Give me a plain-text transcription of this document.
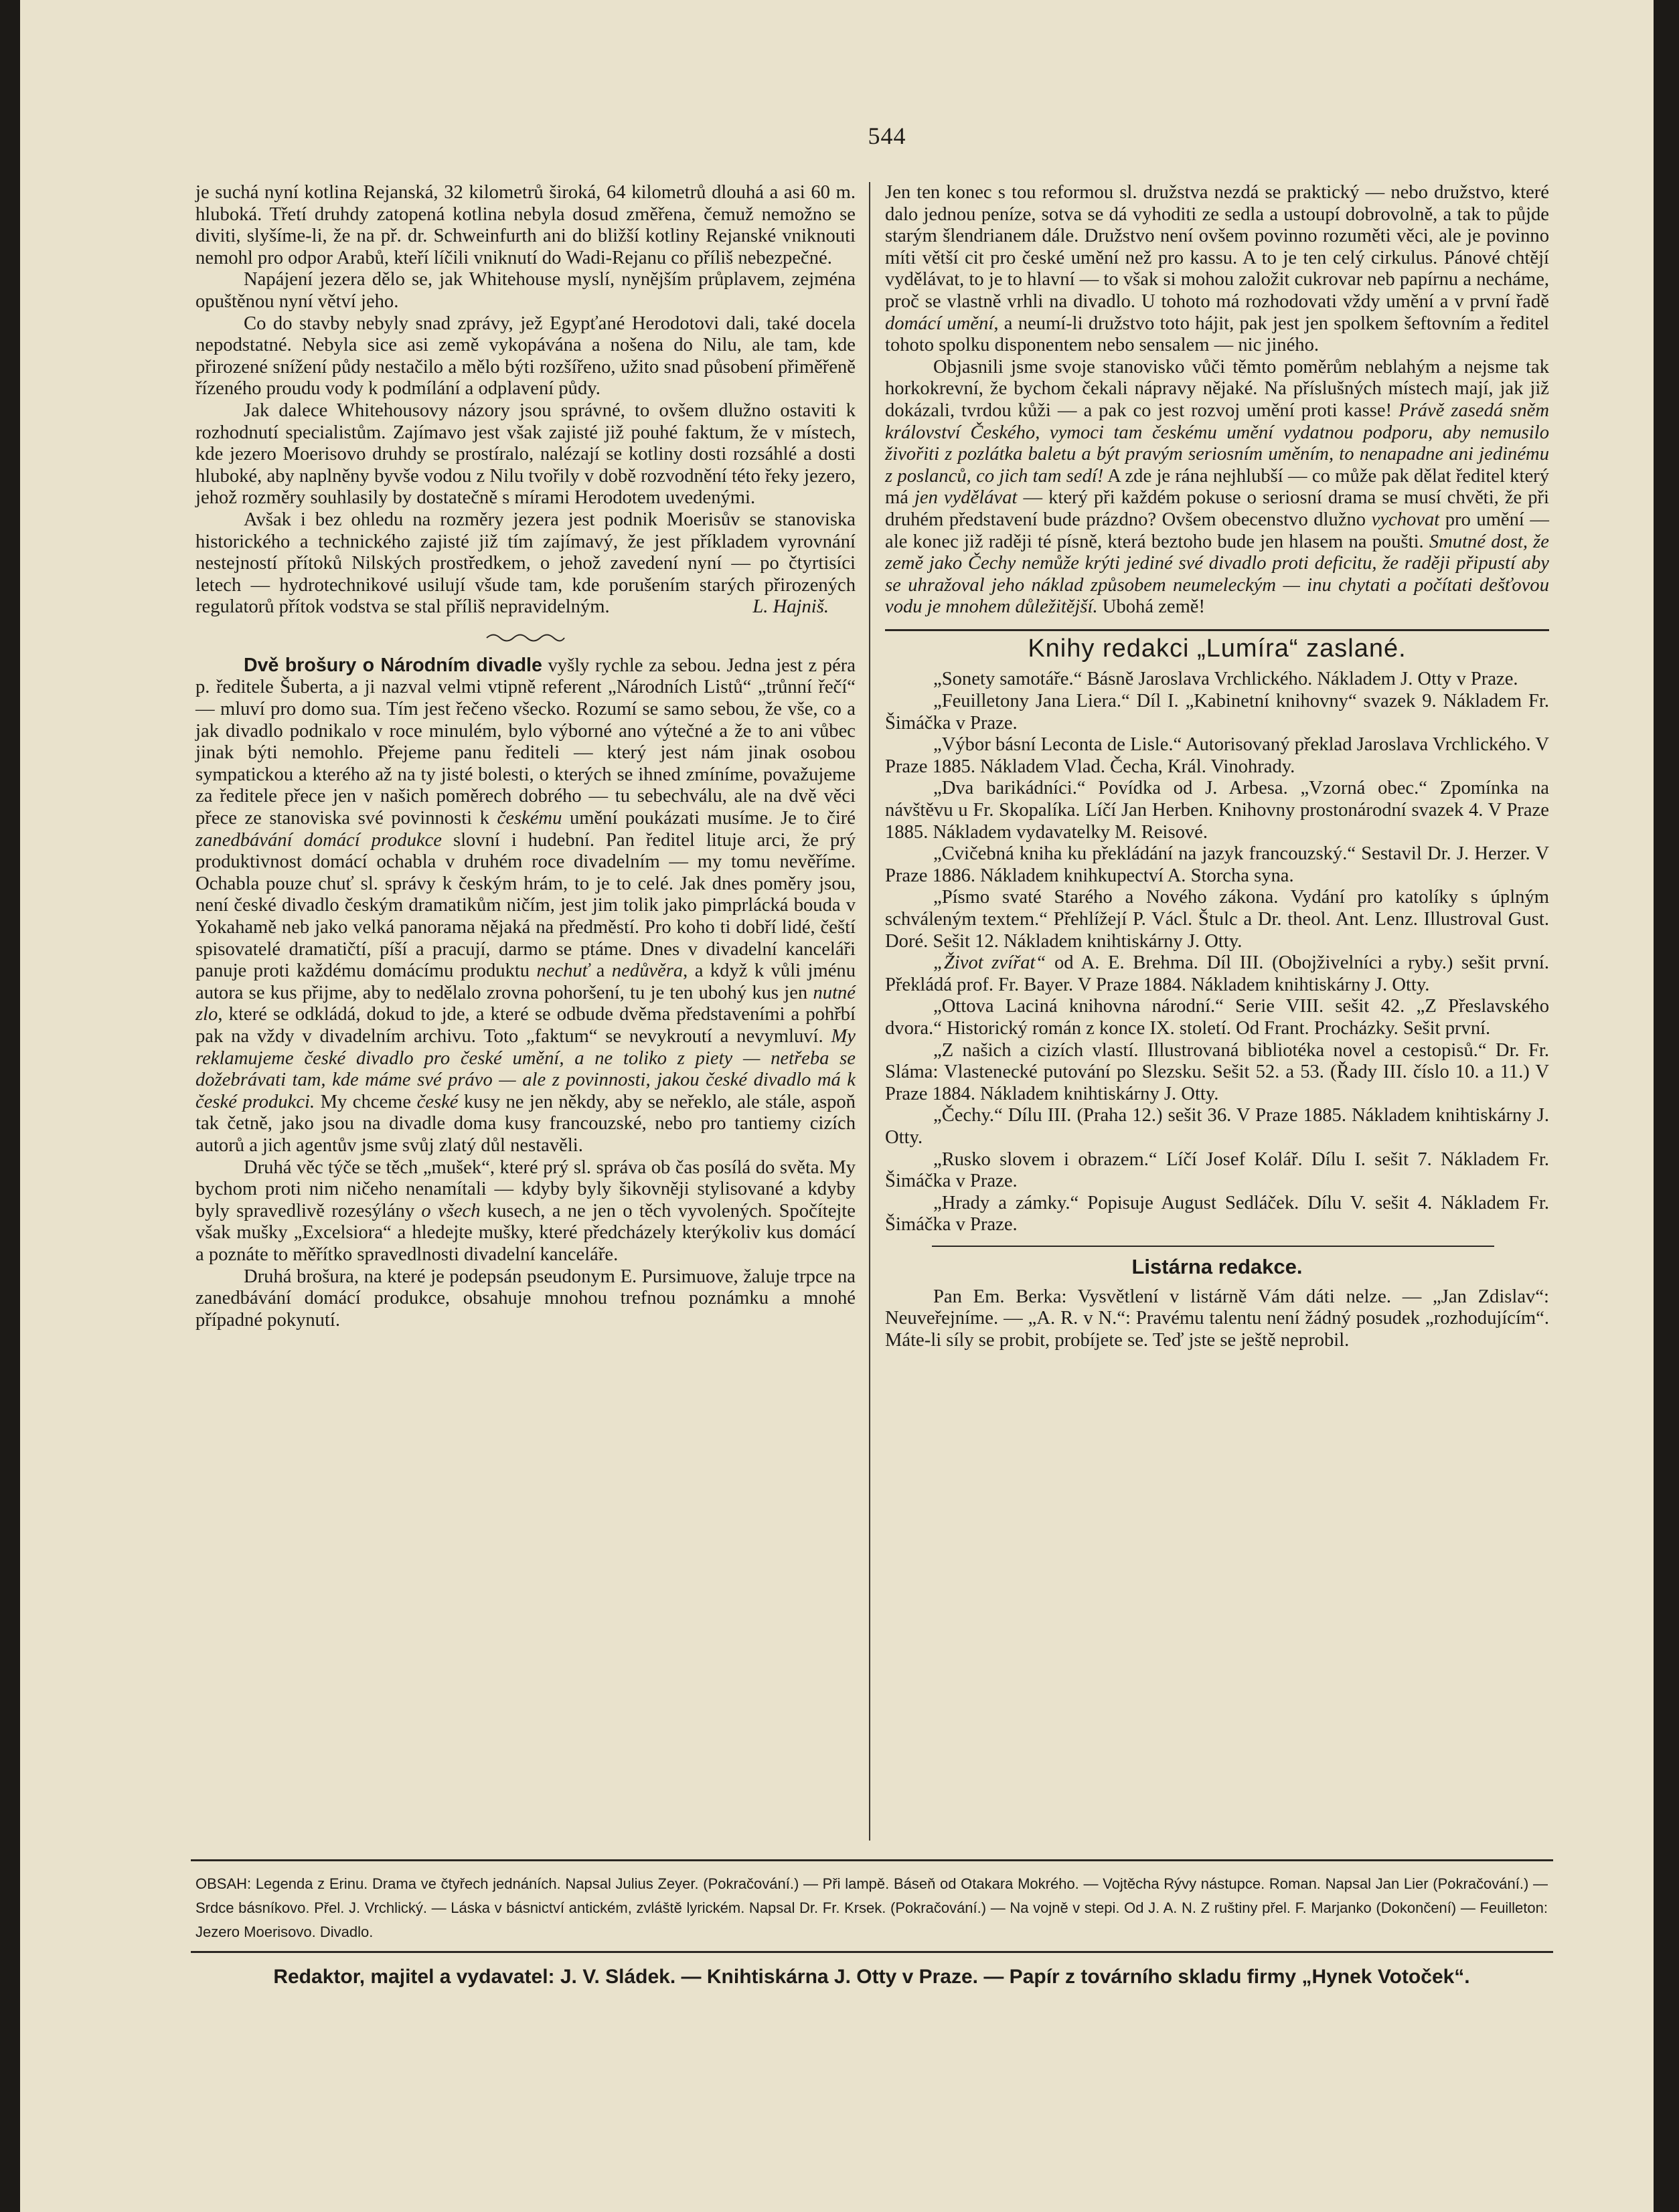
544

je suchá nyní kotlina Rejanská, 32 kilometrů široká, 64 kilometrů dlouhá a asi 60 m. hluboká. Třetí druhdy zatopená kotlina nebyla dosud změřena, čemuž nemožno se diviti, slyšíme-li, že na př. dr. Schweinfurth ani do bližší kotliny Rejanské vniknouti nemohl pro odpor Arabů, kteří líčili vniknutí do Wadi-Rejanu co příliš nebezpečné.

Napájení jezera dělo se, jak Whitehouse myslí, nynějším průplavem, zejména opuštěnou nyní větví jeho.

Co do stavby nebyly snad zprávy, jež Egypťané Herodotovi dali, také docela nepodstatné. Nebyla sice asi země vykopávána a nošena do Nilu, ale tam, kde přirozené snížení půdy nestačilo a mělo býti rozšířeno, užito snad působení přiměřeně řízeného proudu vody k podmílání a odplavení půdy.

Jak dalece Whitehousovy názory jsou správné, to ovšem dlužno ostaviti k rozhodnutí specialistům. Zajímavo jest však zajisté již pouhé faktum, že v místech, kde jezero Moerisovo druhdy se prostíralo, nalézají se kotliny dosti rozsáhlé a dosti hluboké, aby naplněny byvše vodou z Nilu tvořily v době rozvodnění této řeky jezero, jehož rozměry souhlasily by dostatečně s mírami Herodotem uvedenými.

Avšak i bez ohledu na rozměry jezera jest podnik Moerisův se stanoviska historického a technického zajisté již tím zajímavý, že jest příkladem vyrovnání nestejností přítoků Nilských prostředkem, o jehož zavedení nyní — po čtyrtisíci letech — hydrotechnikové usilují všude tam, kde porušením starých přirozených regulatorů přítok vodstva se stal příliš nepravidelným.	L. Hajniš.

Dvě brošury o Národním divadle vyšly rychle za sebou. Jedna jest z péra p. ředitele Šuberta, a ji nazval velmi vtipně referent „Národních Listů“ „trůnní řečí“ — mluví pro domo sua. Tím jest řečeno všecko. Rozumí se samo sebou, že vše, co a jak divadlo podnikalo v roce minulém, bylo výborné ano výtečné a že to ani vůbec jinak býti nemohlo. Přejeme panu řediteli — který jest nám jinak osobou sympatickou a kterého až na ty jisté bolesti, o kterých se ihned zmíníme, považujeme za ředitele přece jen v našich poměrech dobrého — tu sebechválu, ale na dvě věci přece ze stanoviska své povinnosti k českému umění poukázati musíme. Je to čiré zanedbávání domácí produkce slovní i hudební. Pan ředitel lituje arci, že prý produktivnost domácí ochabla v druhém roce divadelním — my tomu nevěříme. Ochabla pouze chuť sl. správy k českým hrám, to je to celé. Jak dnes poměry jsou, není české divadlo českým dramatikům ničím, jest jim tolik jako pimprlácká bouda v Yokahamě neb jako velká panorama nějaká na předměstí. Pro koho ti dobří lidé, čeští spisovatelé dramatičtí, píší a pracují, darmo se ptáme. Dnes v divadelní kanceláři panuje proti každému domácímu produktu nechuť a nedůvěra, a když k vůli jménu autora se kus přijme, aby to nedělalo zrovna pohoršení, tu je ten ubohý kus jen nutné zlo, které se odkládá, dokud to jde, a které se odbude dvěma představeními a pohřbí pak na vždy v divadelním archivu. Toto „faktum“ se nevykroutí a nevymluví. My reklamujeme české divadlo pro české umění, a ne toliko z piety — netřeba se dožebrávati tam, kde máme své právo — ale z povinnosti, jakou české divadlo má k české produkci. My chceme české kusy ne jen někdy, aby se neřeklo, ale stále, aspoň tak četně, jako jsou na divadle doma kusy francouzské, nebo pro tantiemy cizích autorů a jich agentův jsme svůj zlatý důl nestavěli.

Druhá věc týče se těch „mušek“, které prý sl. správa ob čas posílá do světa. My bychom proti nim ničeho nenamítali — kdyby byly šikovněji stylisované a kdyby byly spravedlivě rozesýlány o všech kusech, a ne jen o těch vyvolených. Spočítejte však mušky „Excelsiora“ a hledejte mušky, které předcházely kterýkoliv kus domácí a poznáte to měřítko spravedlnosti divadelní kanceláře.

Druhá brošura, na které je podepsán pseudonym E. Pursimuove, žaluje trpce na zanedbávání domácí produkce, obsahuje mnohou trefnou poznámku a mnohé případné pokynutí.

Jen ten konec s tou reformou sl. družstva nezdá se praktický — nebo družstvo, které dalo jednou peníze, sotva se dá vyhoditi ze sedla a ustoupí dobrovolně, a tak to půjde starým šlendrianem dále. Družstvo není ovšem povinno rozuměti věci, ale je povinno míti větší cit pro české umění než pro kassu. A to je ten celý cirkulus. Pánové chtějí vydělávat, to je to hlavní — to však si mohou založit cukrovar neb papírnu a necháme, proč se vlastně vrhli na divadlo. U tohoto má rozhodovati vždy umění a v první řadě domácí umění, a neumí-li družstvo toto hájit, pak jest jen spolkem šeftovním a ředitel tohoto spolku disponentem nebo sensalem — nic jiného.

Objasnili jsme svoje stanovisko vůči těmto poměrům neblahým a nejsme tak horkokrevní, že bychom čekali nápravy nějaké. Na příslušných místech mají, jak již dokázali, tvrdou kůži — a pak co jest rozvoj umění proti kasse! Právě zasedá sněm království Českého, vymoci tam českému umění vydatnou podporu, aby nemusilo živořiti z pozlátka baletu a být pravým seriosním uměním, to nenapadne ani jedinému z poslanců, co jich tam sedí! A zde je rána nejhlubší — co může pak dělat ředitel který má jen vydělávat — který při každém pokuse o seriosní drama se musí chvěti, že při druhém představení bude prázdno? Ovšem obecenstvo dlužno vychovat pro umění — ale konec již raději té písně, která beztoho bude jen hlasem na poušti. Smutné dost, že země jako Čechy nemůže krýti jediné své divadlo proti deficitu, že raději připustí aby se uhražoval jeho náklad způsobem neumeleckým — inu chytati a počítati dešťovou vodu je mnohem důležitější. Ubohá země!

Knihy redakci „Lumíra“ zaslané.

„Sonety samotáře.“ Básně Jaroslava Vrchlického. Nákladem J. Otty v Praze.

„Feuilletony Jana Liera.“ Díl I. „Kabinetní knihovny“ svazek 9. Nákladem Fr. Šimáčka v Praze.

„Výbor básní Leconta de Lisle.“ Autorisovaný překlad Jaroslava Vrchlického. V Praze 1885. Nákladem Vlad. Čecha, Král. Vinohrady.

„Dva barikádníci.“ Povídka od J. Arbesa. „Vzorná obec.“ Zpomínka na návštěvu u Fr. Skopalíka. Líčí Jan Herben. Knihovny prostonárodní svazek 4. V Praze 1885. Nákladem vydavatelky M. Reisové.

„Cvičebná kniha ku překládání na jazyk francouzský.“ Sestavil Dr. J. Herzer. V Praze 1886. Nákladem knihkupectví A. Storcha syna.

„Písmo svaté Starého a Nového zákona. Vydání pro katolíky s úplným schváleným textem.“ Přehlížejí P. Václ. Štulc a Dr. theol. Ant. Lenz. Illustroval Gust. Doré. Sešit 12. Nákladem knihtiskárny J. Otty.

„Život zvířat“ od A. E. Brehma. Díl III. (Obojživelníci a ryby.) sešit první. Překládá prof. Fr. Bayer. V Praze 1884. Nákladem knihtiskárny J. Otty.

„Ottova Laciná knihovna národní.“ Serie VIII. sešit 42. „Z Přeslavského dvora.“ Historický román z konce IX. století. Od Frant. Procházky. Sešit první.

„Z našich a cizích vlastí. Illustrovaná bibliotéka novel a cestopisů.“ Dr. Fr. Sláma: Vlastenecké putování po Slezsku. Sešit 52. a 53. (Řady III. číslo 10. a 11.) V Praze 1884. Nákladem knihtiskárny J. Otty.

„Čechy.“ Dílu III. (Praha 12.) sešit 36. V Praze 1885. Nákladem knihtiskárny J. Otty.

„Rusko slovem i obrazem.“ Líčí Josef Kolář. Dílu I. sešit 7. Nákladem Fr. Šimáčka v Praze.

„Hrady a zámky.“ Popisuje August Sedláček. Dílu V. sešit 4. Nákladem Fr. Šimáčka v Praze.

Listárna redakce.

Pan Em. Berka: Vysvětlení v listárně Vám dáti nelze. — „Jan Zdislav“: Neuveřejníme. — „A. R. v N.“: Pravému talentu není žádný posudek „rozhodujícím“. Máte-li síly se probit, probíjete se. Teď jste se ještě neprobil.

OBSAH: Legenda z Erinu. Drama ve čtyřech jednáních. Napsal Julius Zeyer. (Pokračování.) — Při lampě. Báseň od Otakara Mokrého. — Vojtěcha Rývy nástupce. Roman. Napsal Jan Lier (Pokračování.) — Srdce básníkovo. Přel. J. Vrchlický. — Láska v básnictví antickém, zvláště lyrickém. Napsal Dr. Fr. Krsek. (Pokračování.) — Na vojně v stepi. Od J. A. N. Z ruštiny přel. F. Marjanko (Dokončení) — Feuilleton: Jezero Moerisovo. Divadlo.

Redaktor, majitel a vydavatel: J. V. Sládek. — Knihtiskárna J. Otty v Praze. — Papír z továrního skladu firmy „Hynek Votoček“.
